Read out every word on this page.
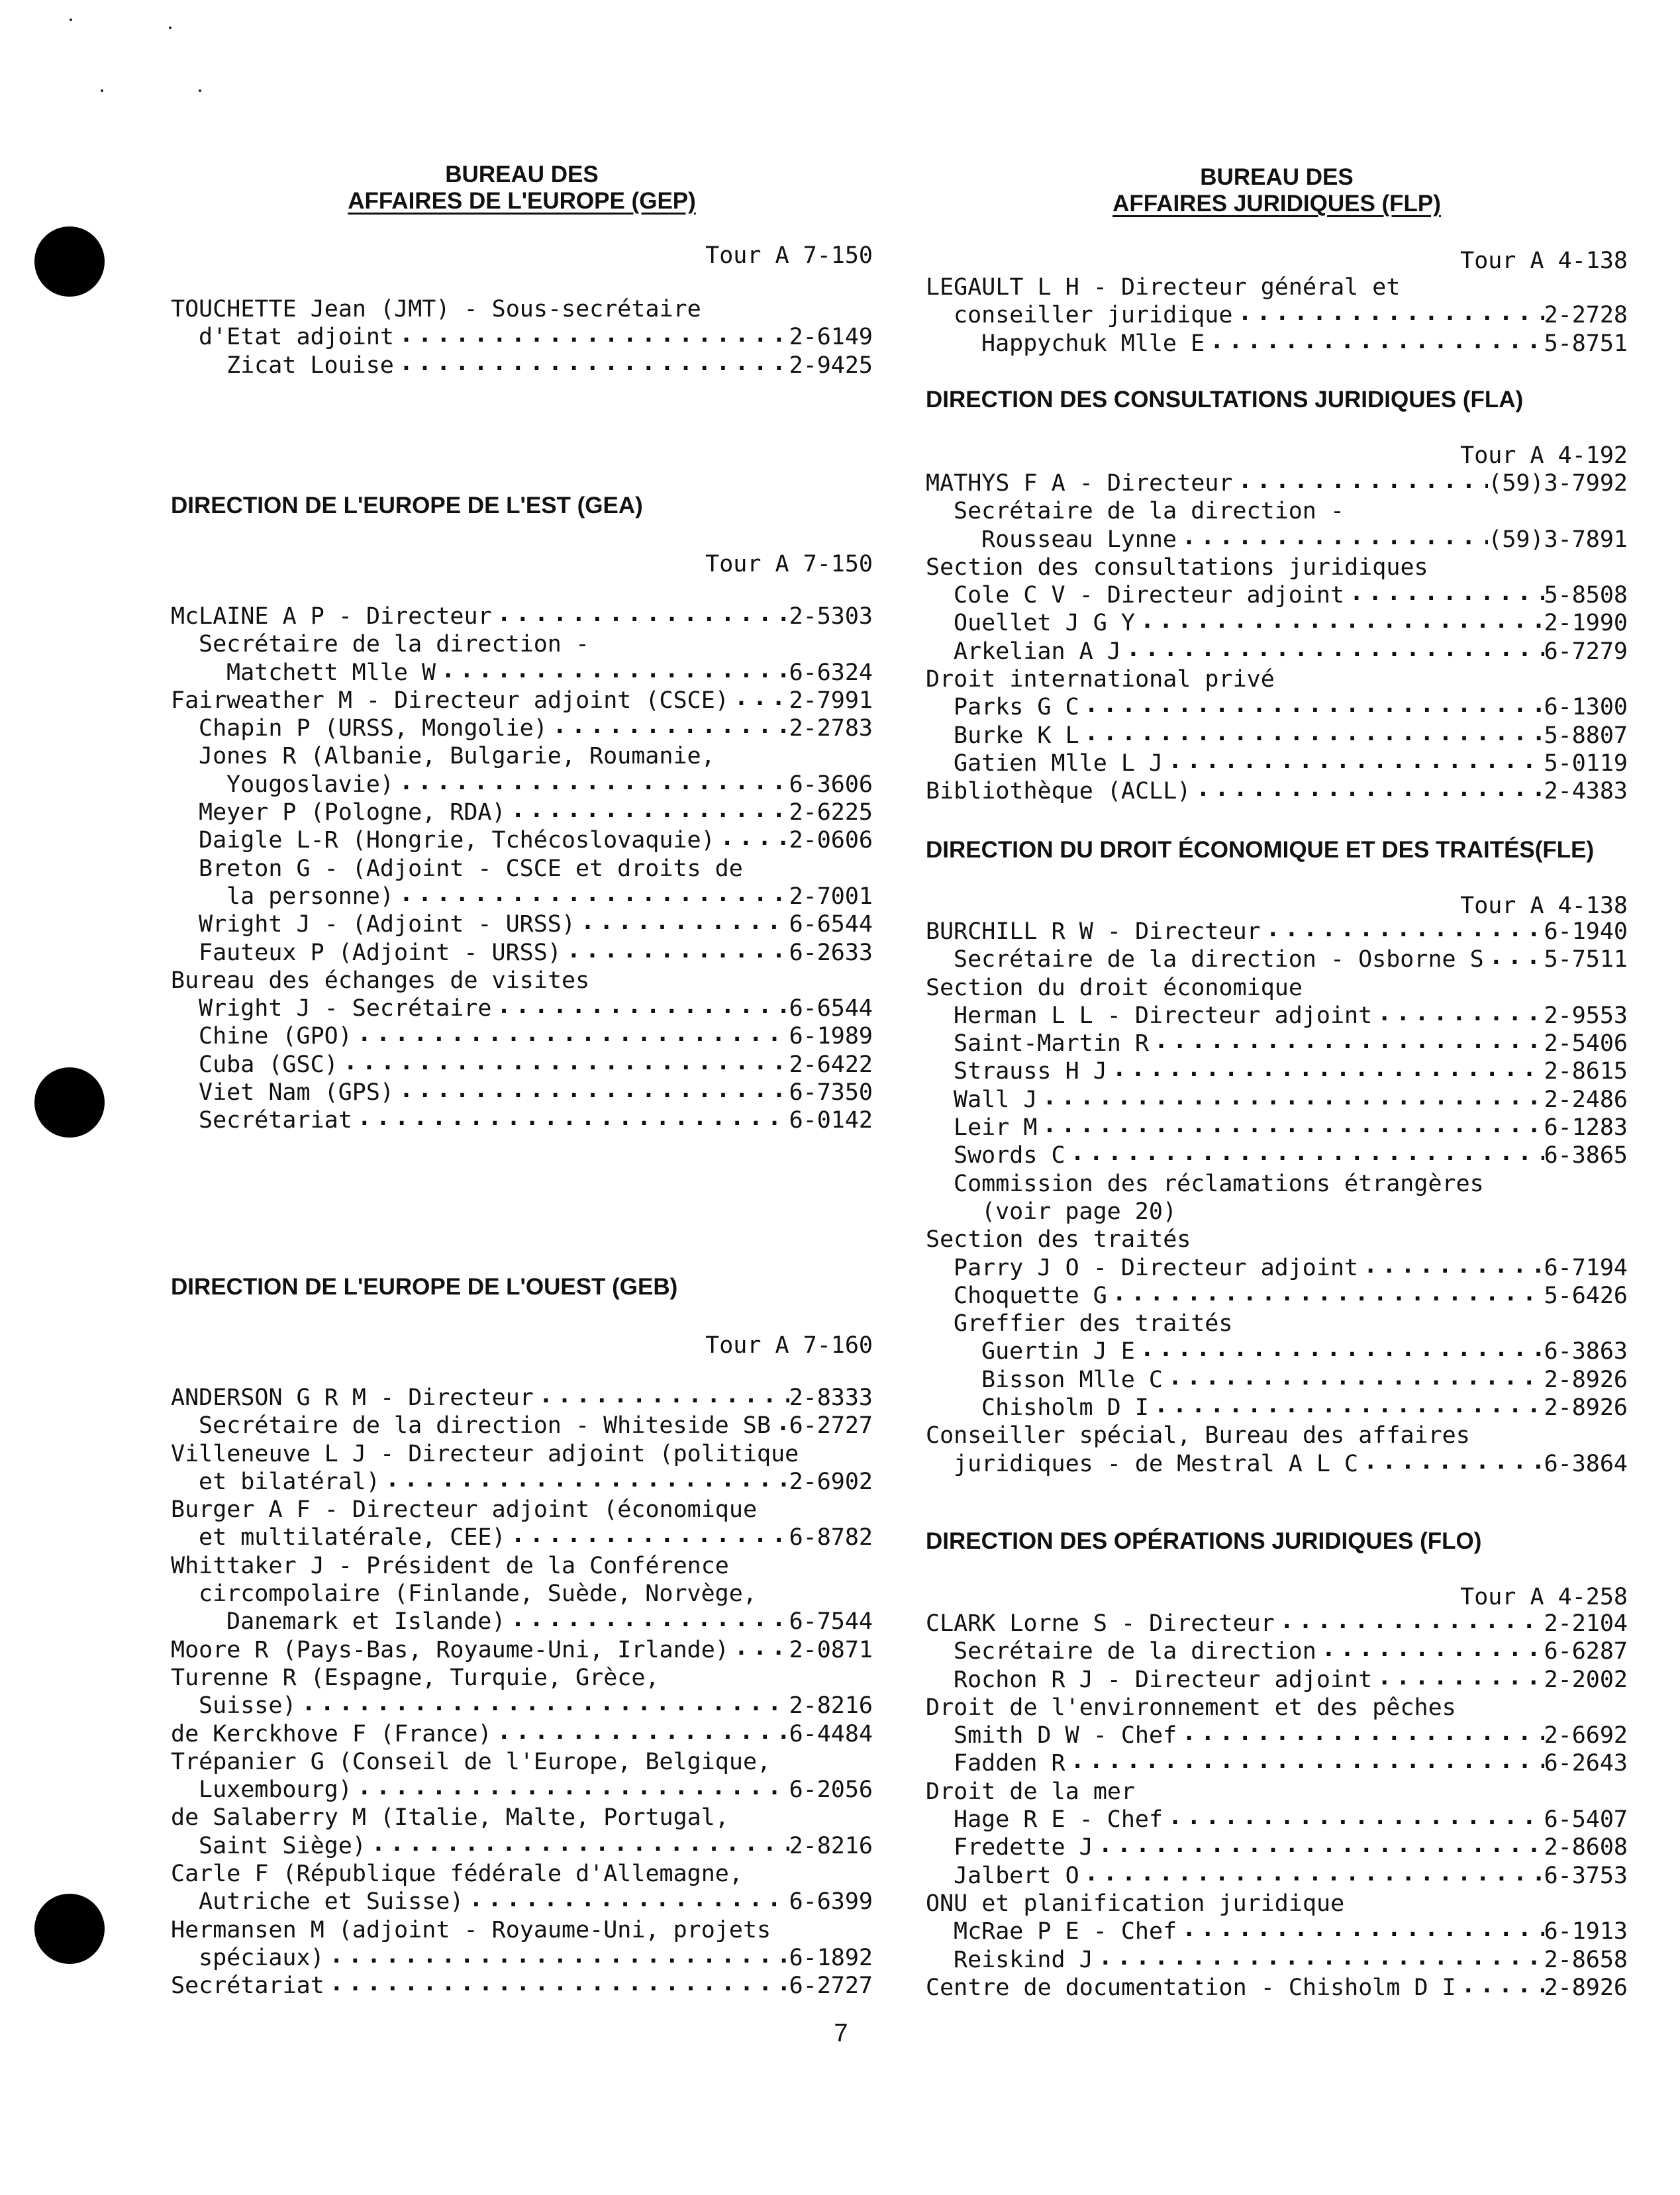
BUREAU DES
AFFAIRES DE L'EUROPE (GEP)
Tour A 7-150
TOUCHETTE Jean (JMT) - Sous-secrétaire
d'Etat adjoint . . .	2-6149
Zicat Louise . . .	2-9425
DIRECTION DE L'EUROPE DE L'EST (GEA)
Tour A 7-150
McLAINE A P - Directeur . . .	2-5303
Secrétaire de la direction -
Matchett Mlle W . . .	6-6324
Fairweather M - Directeur adjoint (CSCE) . . .	2-7991
Chapin P (URSS, Mongolie) . . .	2-2783
Jones R (Albanie, Bulgarie, Roumanie,
Yougoslavie) . . .	6-3606
Meyer P (Pologne, RDA) . . .	2-6225
Daigle L-R (Hongrie, Tchécoslovaquie) . . .	2-0606
Breton G - (Adjoint - CSCE et droits de
la personne) . . .	2-7001
Wright J - (Adjoint - URSS) . . .	6-6544
Fauteux P (Adjoint - URSS) . . .	6-2633
Bureau des échanges de visites
Wright J - Secrétaire . . .	6-6544
Chine (GPO) . . .	6-1989
Cuba (GSC) . . .	2-6422
Viet Nam (GPS) . . .	6-7350
Secrétariat . . .	6-0142
DIRECTION DE L'EUROPE DE L'OUEST (GEB)
Tour A 7-160
ANDERSON G R M - Directeur . . .	2-8333
Secrétaire de la direction - Whiteside SB . . . 6-2727
Villeneuve L J - Directeur adjoint (politique
et bilatéral) . . .	2-6902
Burger A F - Directeur adjoint (économique
et multilatérale, CEE) . . .	6-8782
Whittaker J - Président de la Conférence
circompolaire (Finlande, Suède, Norvège,
Danemark et Islande) . . .	6-7544
Moore R (Pays-Bas, Royaume-Uni, Irlande) . . .	2-0871
Turenne R (Espagne, Turquie, Grèce,
Suisse) . . .	2-8216
de Kerckhove F (France) . . .	6-4484
Trépanier G (Conseil de l'Europe, Belgique,
Luxembourg) . . .	6-2056
de Salaberry M (Italie, Malte, Portugal,
Saint Siège) . . .	2-8216
Carle F (République fédérale d'Allemagne,
Autriche et Suisse) . . .	6-6399
Hermansen M (adjoint - Royaume-Uni, projets
spéciaux) . . .	6-1892
Secrétariat . . .	6-2727
BUREAU DES
AFFAIRES JURIDIQUES (FLP)
Tour A 4-138
LEGAULT L H - Directeur général et
conseiller juridique . . .	2-2728
Happychuk Mlle E . . .	5-8751
DIRECTION DES CONSULTATIONS JURIDIQUES (FLA)
Tour A 4-192
MATHYS F A - Directeur . . .	(59)3-7992
Secrétaire de la direction -
Rousseau Lynne . . .	(59)3-7891
Section des consultations juridiques
Cole C V - Directeur adjoint . . .	5-8508
Ouellet J G Y . . .	2-1990
Arkelian A J . . .	6-7279
Droit international privé
Parks G C . . .	6-1300
Burke K L . . .	5-8807
Gatien Mlle L J . . .	5-0119
Bibliothèque (ACLL) . . .	2-4383
DIRECTION DU DROIT ÉCONOMIQUE ET DES TRAITÉS(FLE)
Tour A 4-138
BURCHILL R W - Directeur . . .	6-1940
Secrétaire de la direction - Osborne S . . .	5-7511
Section du droit économique
Herman L L - Directeur adjoint . . .	2-9553
Saint-Martin R . . .	2-5406
Strauss H J . . .	2-8615
Wall J . . .	2-2486
Leir M . . .	6-1283
Swords C . . .	6-3865
Commission des réclamations étrangères
(voir page 20)
Section des traités
Parry J O - Directeur adjoint . . .	6-7194
Choquette G . . .	5-6426
Greffier des traités
Guertin J E . . .	6-3863
Bisson Mlle C . . .	2-8926
Chisholm D I . . .	2-8926
Conseiller spécial, Bureau des affaires
juridiques - de Mestral A L C . . .	6-3864
DIRECTION DES OPÉRATIONS JURIDIQUES (FLO)
Tour A 4-258
CLARK Lorne S - Directeur . . .	2-2104
Secrétaire de la direction . . .	6-6287
Rochon R J - Directeur adjoint . . .	2-2002
Droit de l'environnement et des pêches
Smith D W - Chef . . .	2-6692
Fadden R . . .	6-2643
Droit de la mer
Hage R E - Chef . . .	6-5407
Fredette J . . .	2-8608
Jalbert O . . .	6-3753
ONU et planification juridique
McRae P E - Chef . . .	6-1913
Reiskind J . . .	2-8658
Centre de documentation - Chisholm D I . . .	2-8926
7
